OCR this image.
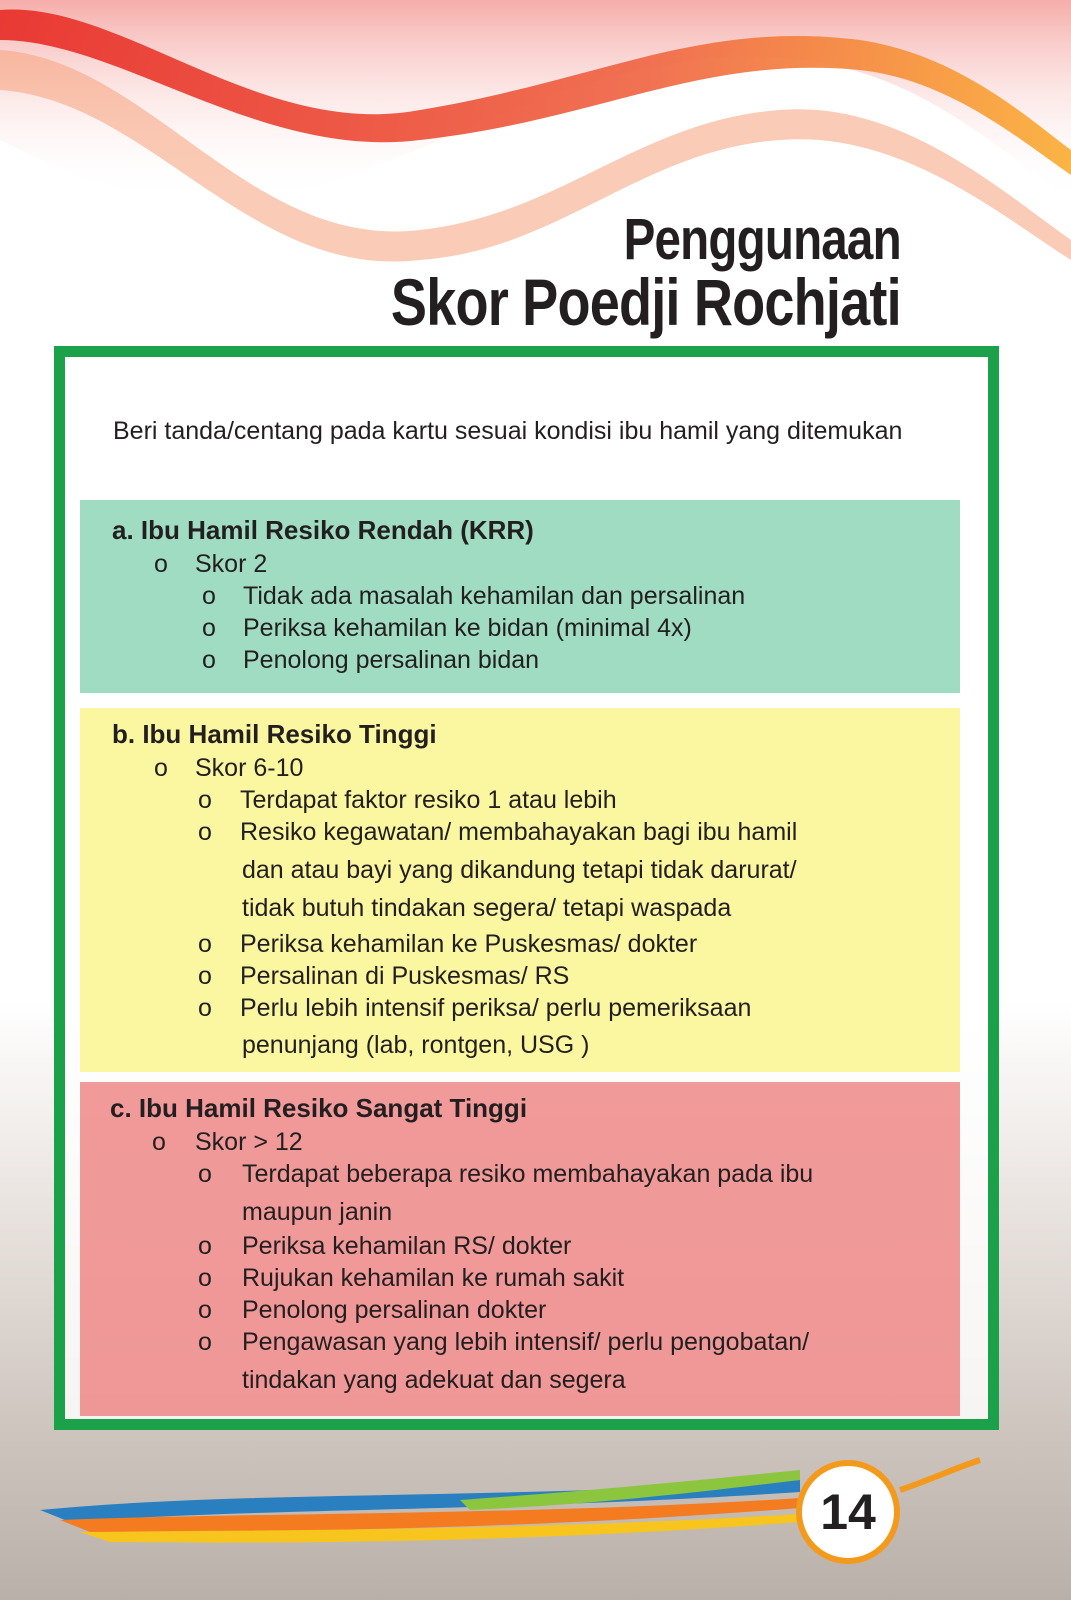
Penggunaan
Skor Poedji Rochjati
Beri tanda/centang pada kartu sesuai kondisi ibu hamil yang ditemukan
a. Ibu Hamil Resiko Rendah (KRR)
o Skor 2
o Tidak ada masalah kehamilan dan persalinan
o Periksa kehamilan ke bidan (minimal 4x)
o Penolong persalinan bidan
b. Ibu Hamil Resiko Tinggi
o Skor 6-10
o Terdapat faktor resiko 1 atau lebih
o Resiko kegawatan/ membahayakan bagi ibu hamil
dan atau bayi yang dikandung tetapi tidak darurat/
tidak butuh tindakan segera/ tetapi waspada
o Periksa kehamilan ke Puskesmas/ dokter
o Persalinan di Puskesmas/ RS
o Perlu lebih intensif periksa/ perlu pemeriksaan
penunjang (lab, rontgen, USG )
c. Ibu Hamil Resiko Sangat Tinggi
o Skor > 12
o Terdapat beberapa resiko membahayakan pada ibu
maupun janin
o Periksa kehamilan RS/ dokter
o Rujukan kehamilan ke rumah sakit
o Penolong persalinan dokter
o Pengawasan yang lebih intensif/ perlu pengobatan/
tindakan yang adekuat dan segera
14
